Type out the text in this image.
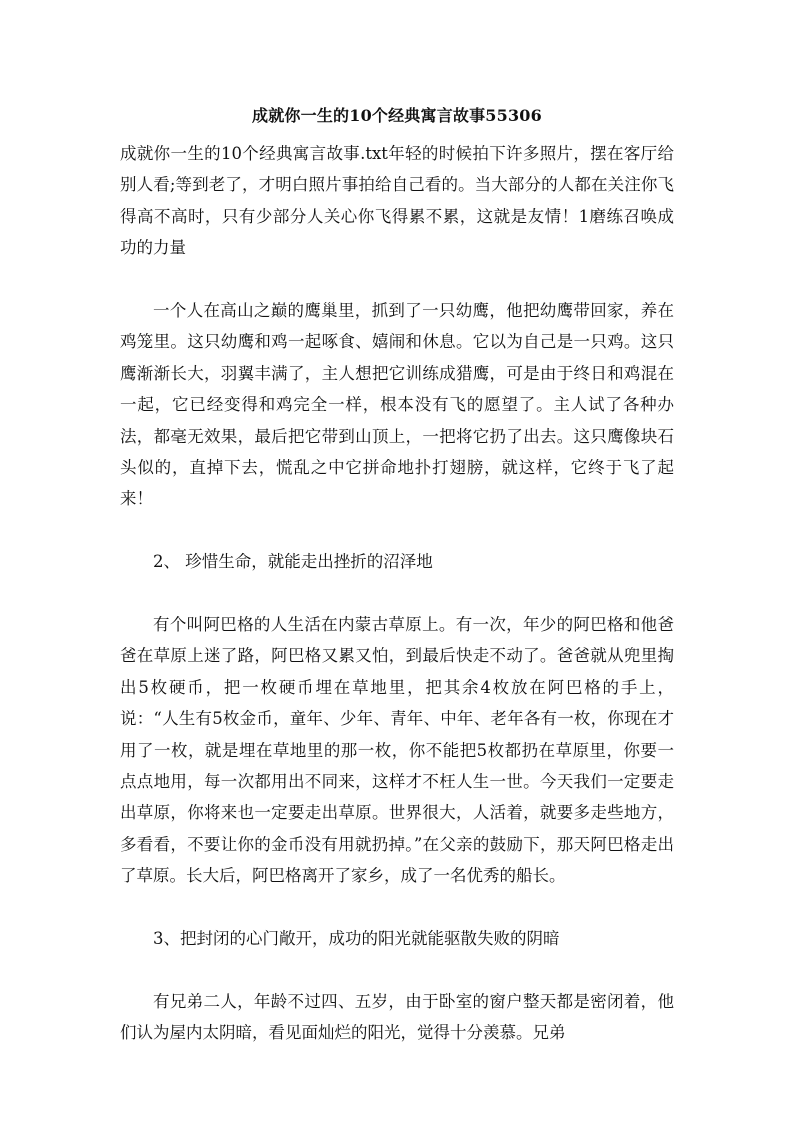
成就你一生的10个经典寓言故事55306

成就你一生的10个经典寓言故事.txt年轻的时候拍下许多照片，摆在客厅给别人看;等到老了，才明白照片事拍给自己看的。当大部分的人都在关注你飞得高不高时，只有少部分人关心你飞得累不累，这就是友情！1磨练召唤成功的力量

一个人在高山之巅的鹰巢里，抓到了一只幼鹰，他把幼鹰带回家，养在鸡笼里。这只幼鹰和鸡一起啄食、嬉闹和休息。它以为自己是一只鸡。这只鹰渐渐长大，羽翼丰满了，主人想把它训练成猎鹰，可是由于终日和鸡混在一起，它已经变得和鸡完全一样，根本没有飞的愿望了。主人试了各种办法，都毫无效果，最后把它带到山顶上，一把将它扔了出去。这只鹰像块石头似的，直掉下去，慌乱之中它拼命地扑打翅膀，就这样，它终于飞了起来！

2、 珍惜生命，就能走出挫折的沼泽地

有个叫阿巴格的人生活在内蒙古草原上。有一次，年少的阿巴格和他爸爸在草原上迷了路，阿巴格又累又怕，到最后快走不动了。爸爸就从兜里掏出5枚硬币，把一枚硬币埋在草地里，把其余4枚放在阿巴格的手上，说：“人生有5枚金币，童年、少年、青年、中年、老年各有一枚，你现在才用了一枚，就是埋在草地里的那一枚，你不能把5枚都扔在草原里，你要一点点地用，每一次都用出不同来，这样才不枉人生一世。今天我们一定要走出草原，你将来也一定要走出草原。世界很大，人活着，就要多走些地方，多看看，不要让你的金币没有用就扔掉。”在父亲的鼓励下，那天阿巴格走出了草原。长大后，阿巴格离开了家乡，成了一名优秀的船长。

3、把封闭的心门敞开，成功的阳光就能驱散失败的阴暗

有兄弟二人，年龄不过四、五岁，由于卧室的窗户整天都是密闭着，他们认为屋内太阴暗，看见面灿烂的阳光，觉得十分羡慕。兄弟
